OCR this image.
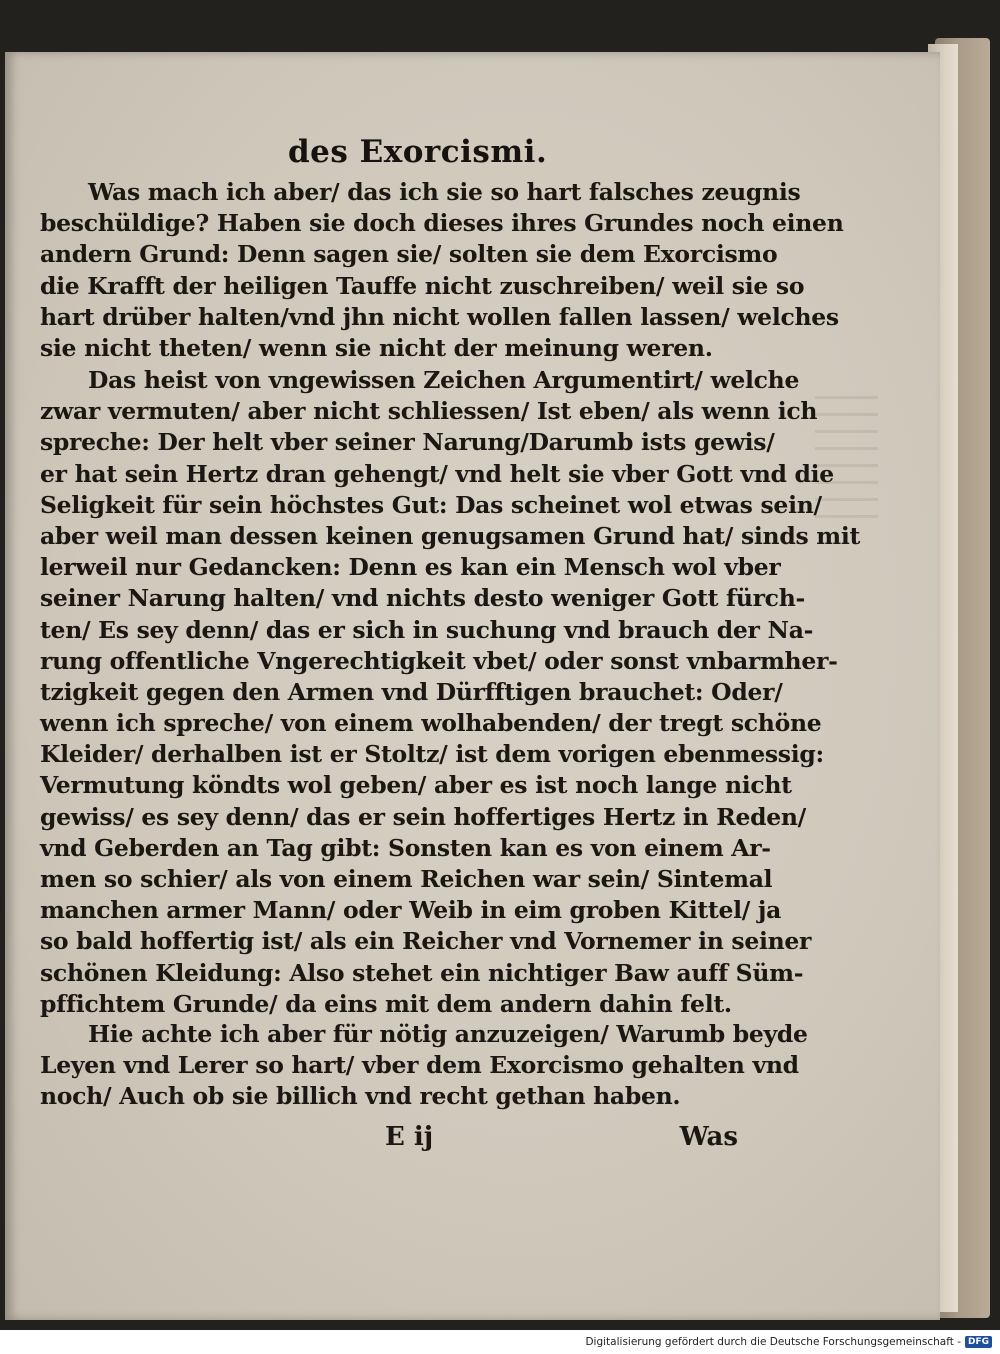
des Exorcismi.
Was mach ich aber/ das ich sie so hart falsches zeugnis
beschüldige? Haben sie doch dieses ihres Grundes noch einen
andern Grund: Denn sagen sie/ solten sie dem Exorcismo
die Krafft der heiligen Tauffe nicht zuschreiben/ weil sie so
hart drüber halten/vnd jhn nicht wollen fallen lassen/ welches
sie nicht theten/ wenn sie nicht der meinung weren.
Das heist von vngewissen Zeichen Argumentirt/ welche
zwar vermuten/ aber nicht schliessen/ Ist eben/ als wenn ich
spreche: Der helt vber seiner Narung/Darumb ists gewis/
er hat sein Hertz dran gehengt/ vnd helt sie vber Gott vnd die
Seligkeit für sein höchstes Gut: Das scheinet wol etwas sein/
aber weil man dessen keinen genugsamen Grund hat/ sinds mit
lerweil nur Gedancken: Denn es kan ein Mensch wol vber
seiner Narung halten/ vnd nichts desto weniger Gott fürch-
ten/ Es sey denn/ das er sich in suchung vnd brauch der Na-
rung offentliche Vngerechtigkeit vbet/ oder sonst vnbarmher-
tzigkeit gegen den Armen vnd Dürfftigen brauchet: Oder/
wenn ich spreche/ von einem wolhabenden/ der tregt schöne
Kleider/ derhalben ist er Stoltz/ ist dem vorigen ebenmessig:
Vermutung köndts wol geben/ aber es ist noch lange nicht
gewiss/ es sey denn/ das er sein hoffertiges Hertz in Reden/
vnd Geberden an Tag gibt: Sonsten kan es von einem Ar-
men so schier/ als von einem Reichen war sein/ Sintemal
manchen armer Mann/ oder Weib in eim groben Kittel/ ja
so bald hoffertig ist/ als ein Reicher vnd Vornemer in seiner
schönen Kleidung: Also stehet ein nichtiger Baw auff Süm-
pffichtem Grunde/ da eins mit dem andern dahin felt.
Hie achte ich aber für nötig anzuzeigen/ Warumb beyde
Leyen vnd Lerer so hart/ vber dem Exorcismo gehalten vnd
noch/ Auch ob sie billich vnd recht gethan haben.
E ij	Was
Digitalisierung gefördert durch die Deutsche Forschungsgemeinschaft - DFG
